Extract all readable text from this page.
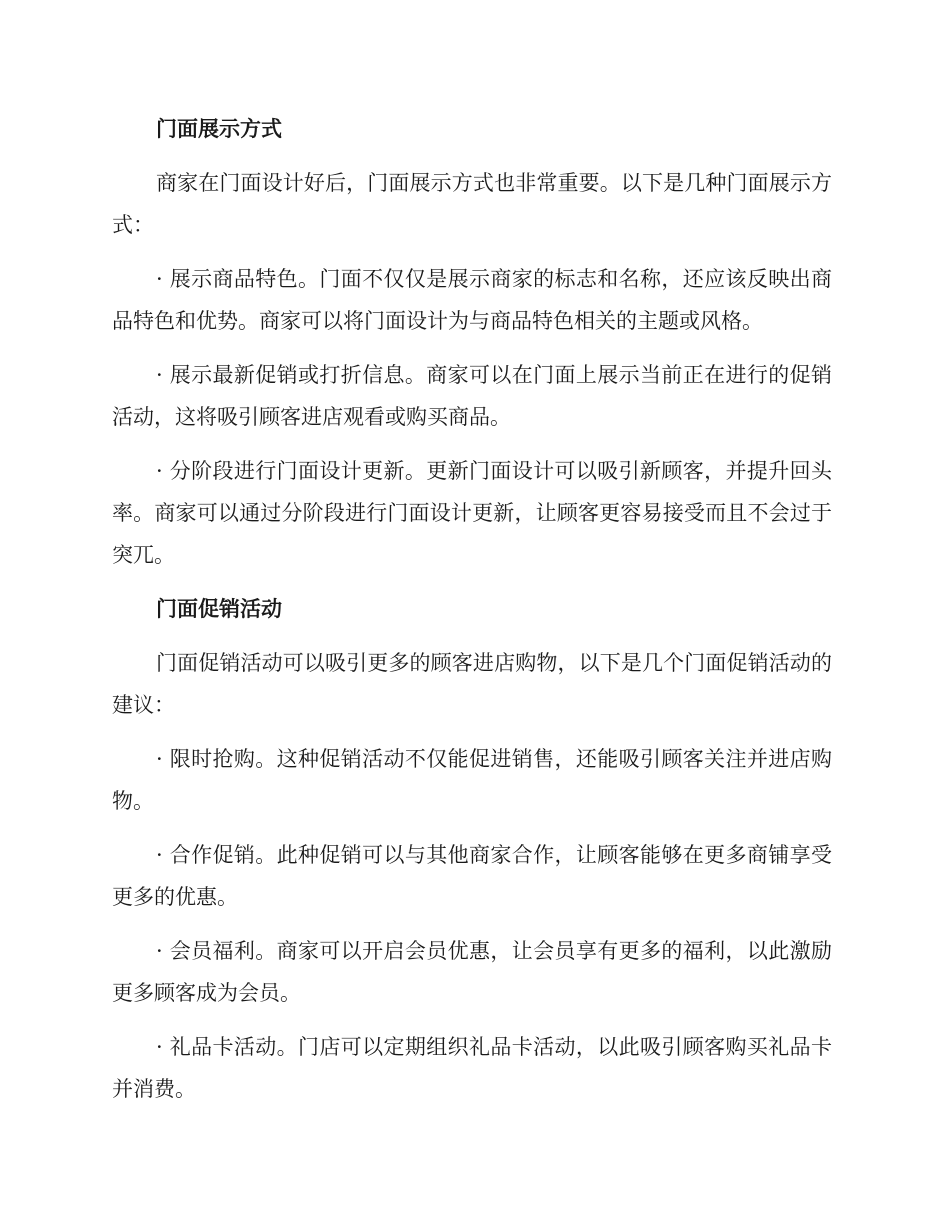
门面展示方式

商家在门面设计好后，门面展示方式也非常重要。以下是几种门面展示方式：

· 展示商品特色。门面不仅仅是展示商家的标志和名称，还应该反映出商品特色和优势。商家可以将门面设计为与商品特色相关的主题或风格。

· 展示最新促销或打折信息。商家可以在门面上展示当前正在进行的促销活动，这将吸引顾客进店观看或购买商品。

· 分阶段进行门面设计更新。更新门面设计可以吸引新顾客，并提升回头率。商家可以通过分阶段进行门面设计更新，让顾客更容易接受而且不会过于突兀。

门面促销活动

门面促销活动可以吸引更多的顾客进店购物，以下是几个门面促销活动的建议：

· 限时抢购。这种促销活动不仅能促进销售，还能吸引顾客关注并进店购物。

· 合作促销。此种促销可以与其他商家合作，让顾客能够在更多商铺享受更多的优惠。

· 会员福利。商家可以开启会员优惠，让会员享有更多的福利，以此激励更多顾客成为会员。

· 礼品卡活动。门店可以定期组织礼品卡活动，以此吸引顾客购买礼品卡并消费。
